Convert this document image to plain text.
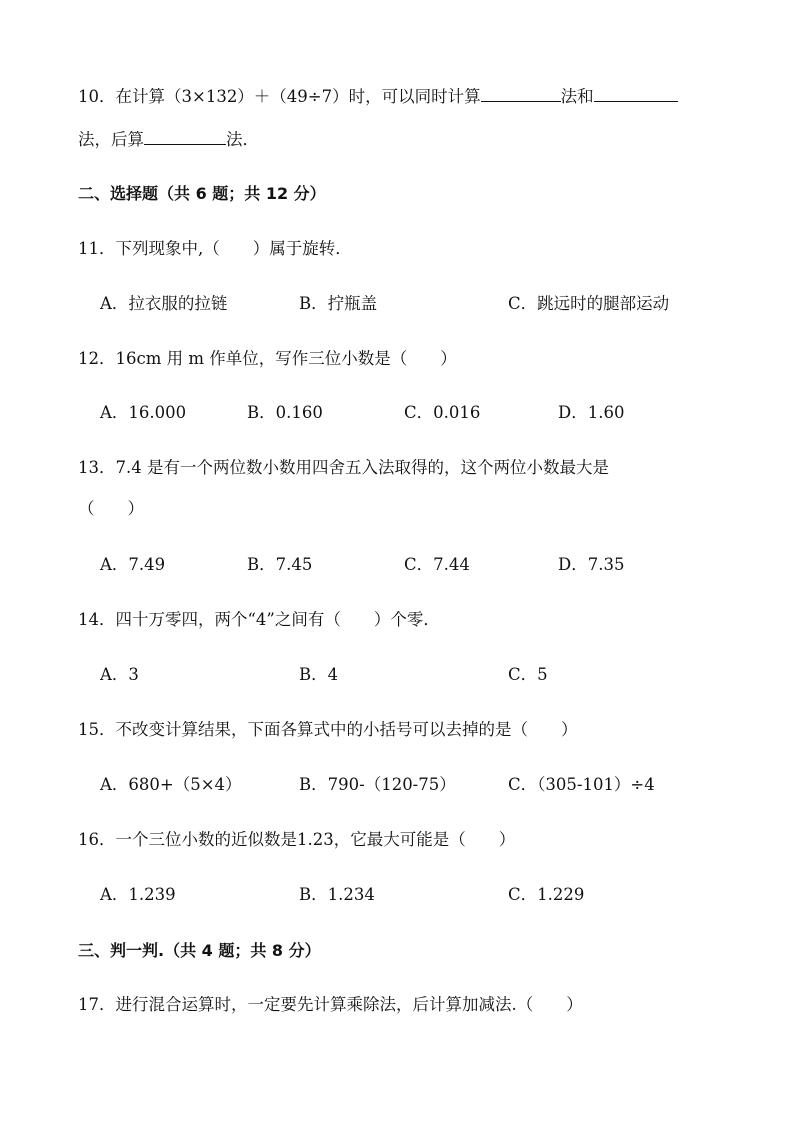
10．在计算（3×132）＋（49÷7）时，可以同时计算	法和
法，后算	法．
二、选择题（共 6 题；共 12 分）
11．下列现象中,（　　）属于旋转．
A．拉衣服的拉链	B．拧瓶盖	C．跳远时的腿部运动
12．16cm 用 m 作单位，写作三位小数是（　　）
A．16.000	B．0.160	C．0.016	D．1.60
13．7.4 是有一个两位数小数用四舍五入法取得的，这个两位小数最大是
（　　）
A．7.49	B．7.45	C．7.44	D．7.35
14．四十万零四，两个“4”之间有（　　）个零．
A．3	B．4	C．5
15．不改变计算结果，下面各算式中的小括号可以去掉的是（　　）
A．680+（5×4）	B．790-（120-75）	C．（305-101）÷4
16．一个三位小数的近似数是1.23，它最大可能是（　　）
A．1.239	B．1.234	C．1.229
三、判一判.（共 4 题；共 8 分）
17．进行混合运算时，一定要先计算乘除法，后计算加减法.（　　）
